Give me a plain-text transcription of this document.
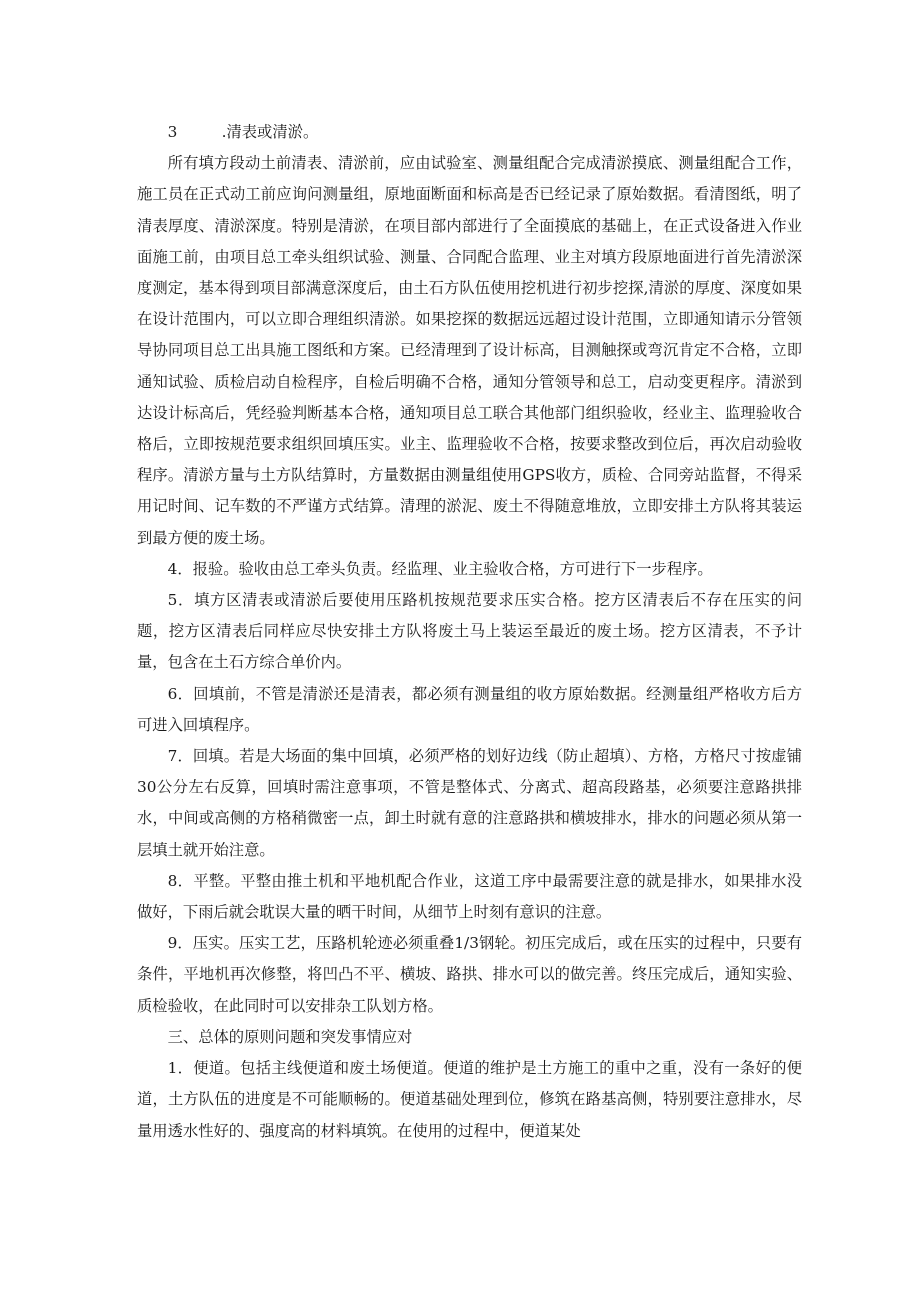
3	.清表或清淤。

所有填方段动土前清表、清淤前，应由试验室、测量组配合完成清淤摸底、测量组配合工作，施工员在正式动工前应询问测量组，原地面断面和标高是否已经记录了原始数据。看清图纸，明了清表厚度、清淤深度。特别是清淤，在项目部内部进行了全面摸底的基础上，在正式设备进入作业面施工前，由项目总工牵头组织试验、测量、合同配合监理、业主对填方段原地面进行首先清淤深度测定，基本得到项目部满意深度后，由土石方队伍使用挖机进行初步挖探,清淤的厚度、深度如果在设计范围内，可以立即合理组织清淤。如果挖探的数据远远超过设计范围，立即通知请示分管领导协同项目总工出具施工图纸和方案。已经清理到了设计标高，目测触探或弯沉肯定不合格，立即通知试验、质检启动自检程序，自检后明确不合格，通知分管领导和总工，启动变更程序。清淤到达设计标高后，凭经验判断基本合格，通知项目总工联合其他部门组织验收，经业主、监理验收合格后，立即按规范要求组织回填压实。业主、监理验收不合格，按要求整改到位后，再次启动验收程序。清淤方量与土方队结算时，方量数据由测量组使用GPS收方，质检、合同旁站监督，不得采用记时间、记车数的不严谨方式结算。清理的淤泥、废土不得随意堆放，立即安排土方队将其装运到最方便的废土场。

4．报验。验收由总工牵头负责。经监理、业主验收合格，方可进行下一步程序。

5．填方区清表或清淤后要使用压路机按规范要求压实合格。挖方区清表后不存在压实的问题，挖方区清表后同样应尽快安排土方队将废土马上装运至最近的废土场。挖方区清表，不予计量，包含在土石方综合单价内。

6．回填前，不管是清淤还是清表，都必须有测量组的收方原始数据。经测量组严格收方后方可进入回填程序。

7．回填。若是大场面的集中回填，必须严格的划好边线（防止超填）、方格，方格尺寸按虚铺30公分左右反算，回填时需注意事项，不管是整体式、分离式、超高段路基，必须要注意路拱排水，中间或高侧的方格稍微密一点，卸土时就有意的注意路拱和横坡排水，排水的问题必须从第一层填土就开始注意。

8．平整。平整由推土机和平地机配合作业，这道工序中最需要注意的就是排水，如果排水没做好，下雨后就会耽误大量的晒干时间，从细节上时刻有意识的注意。

9．压实。压实工艺，压路机轮迹必须重叠1/3钢轮。初压完成后，或在压实的过程中，只要有条件，平地机再次修整，将凹凸不平、横坡、路拱、排水可以的做完善。终压完成后，通知实验、质检验收，在此同时可以安排杂工队划方格。

三、总体的原则问题和突发事情应对

1．便道。包括主线便道和废土场便道。便道的维护是土方施工的重中之重，没有一条好的便道，土方队伍的进度是不可能顺畅的。便道基础处理到位，修筑在路基高侧，特别要注意排水，尽量用透水性好的、强度高的材料填筑。在使用的过程中，便道某处
